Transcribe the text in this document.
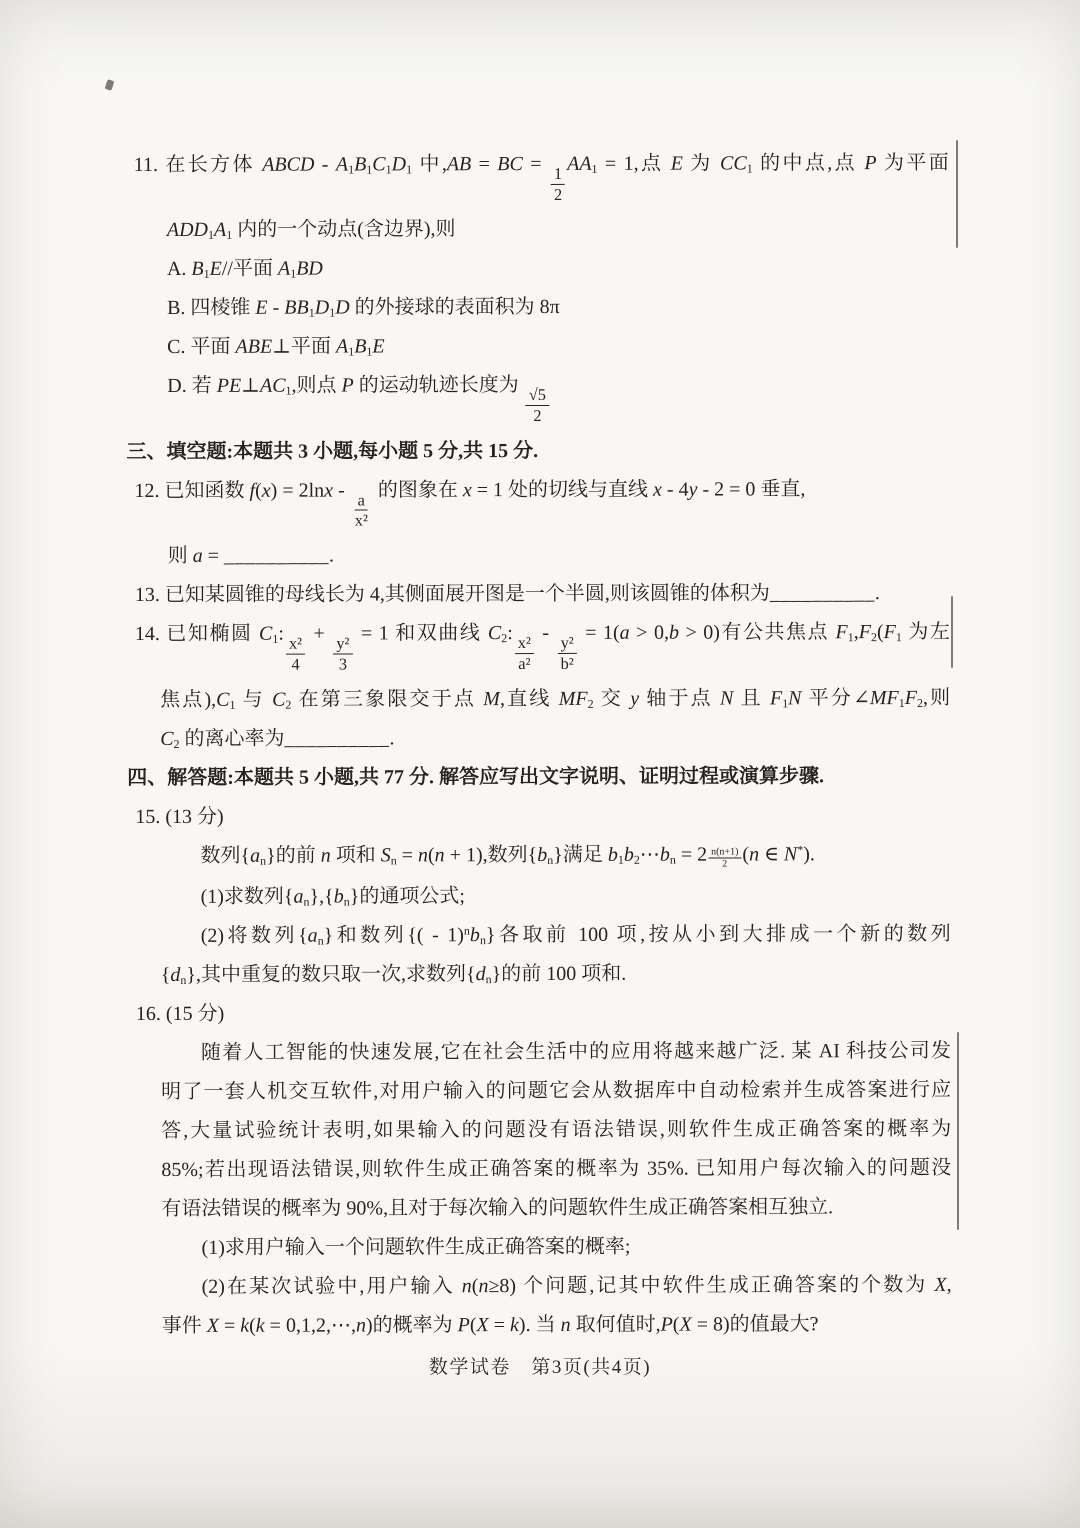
11. 在长方体 ABCD - $A_1B_1C_1D_1$ 中,AB = BC = $\frac{1}{2}$
$AA_1 = 1$,点 E 为 $CC_1$ 的中点,点 P 为平面

$ADD_1A_1$ 内的一个动点(含边界),则

A. $B_1E//$平面 $A_1BD$

B. 四棱锥 E - $BB_1D_1D$ 的外接球的表面积为 8π

C. 平面 ABE⊥平面 $A_1B_1E$

D. 若 $PE\perp AC_1$,则点 P 的运动轨迹长度为 $\frac{√5}{2}$

三、填空题:本题共 3 小题,每小题 5 分,共 15 分.

12. 已知函数 $f(x) = 2\ln x - \frac{a}{\text{x²}}$
的图象在 x = 1 处的切线与直线 x - 4y - 2 = 0 垂直,

则 a = __________.

13. 已知某圆锥的母线长为 4,其侧面展开图是一个半圆,则该圆锥的体积为__________.

14. 已知椭圆 $C_1$: $\frac{\text{x²}}{4}$
+ $\frac{\text{y²}}{3}$
= 1 和双曲线 $C_2$: $\frac{\text{x²}}{\text{a²}}$
- $\frac{\text{y²}}{\text{b²}}$
= 1(a > 0,b > 0)有公共焦点 $F_1,F_2(F_1$ 为左

焦点)$,C_1$ 与 $C_2$ 在第三象限交于点 M,直线 $MF_2$ 交 y 轴于点 N 且 $F_1N$ 平分$\angle MF_1F_2$,则

$C_2$ 的离心率为__________.

四、解答题:本题共 5 小题,共 77 分. 解答应写出文字说明、证明过程或演算步骤.

15. (13 分)

数列$\{a_n\}$的前 n 项和 $S_n = n(n + 1)$,数列$\{b_n\}$满足 $b_1b_2\cdots b_n = 2 \frac{n(n+1)}{2} (n$ ∈ N*).

(1)求数列$\{a_n\},\{b_n\}$的通项公式;

(2)将数列$\{a_n\}$和数列{( - $1)^nb_n$}各取前 100 项,按从小到大排成一个新的数列

$\{d_n\}$,其中重复的数只取一次,求数列$\{d_n\}$的前 100 项和.

16. (15 分)

随着人工智能的快速发展,它在社会生活中的应用将越来越广泛. 某 AI 科技公司发

明了一套人机交互软件,对用户输入的问题它会从数据库中自动检索并生成答案进行应

答,大量试验统计表明,如果输入的问题没有语法错误,则软件生成正确答案的概率为

85%;若出现语法错误,则软件生成正确答案的概率为 35%. 已知用户每次输入的问题没

有语法错误的概率为 90%,且对于每次输入的问题软件生成正确答案相互独立.

(1)求用户输入一个问题软件生成正确答案的概率;

(2)在某次试验中,用户输入 n(n≥8) 个问题,记其中软件生成正确答案的个数为 X,

事件 X = k(k = 0,1,2,⋯,n)的概率为 P(X = k). 当 n 取何值时,P(X = 8)的值最大?

数学试卷　第3页(共4页)
